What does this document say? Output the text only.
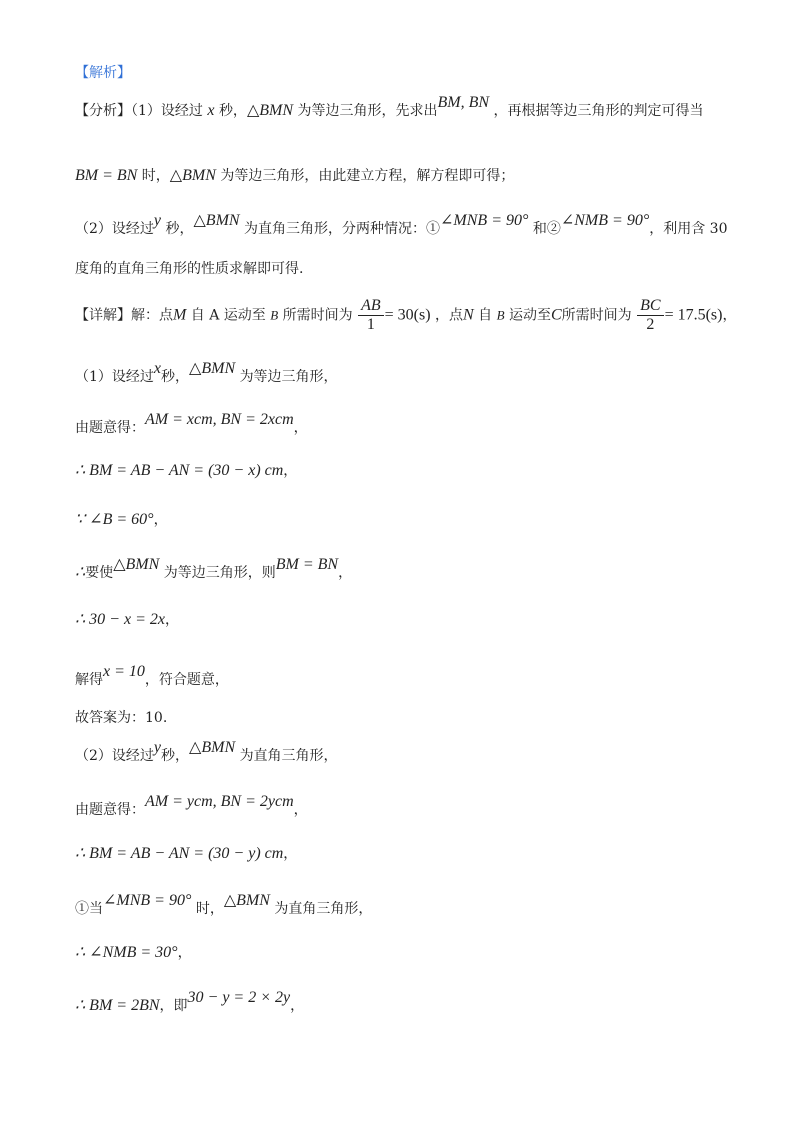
【解析】
【分析】（1）设经过 x 秒，△BMN 为等边三角形，先求出BM, BN ，再根据等边三角形的判定可得当
BM = BN 时，△BMN 为等边三角形，由此建立方程，解方程即可得；
（2）设经过y 秒，△BMN 为直角三角形，分两种情况：①∠MNB = 90° 和②∠NMB = 90°，利用含 30
度角的直角三角形的性质求解即可得.
【详解】解：点M 自 A 运动至 B 所需时间为 $\frac{AB}{1} = 30(s)$ ，点N 自 B 运动至C所需时间为 $\frac{BC}{2} = 17.5(s)$，
（1）设经过x秒，△BMN 为等边三角形，
由题意得：AM = xcm, BN = 2xcm，
∴ BM = AB − AN = (30 − x) cm，
∵ ∠B = 60°，
∴要使△BMN 为等边三角形，则BM = BN，
∴ 30 − x = 2x，
解得x = 10，符合题意，
故答案为：10.
（2）设经过y秒，△BMN 为直角三角形，
由题意得：AM = ycm, BN = 2ycm，
∴ BM = AB − AN = (30 − y) cm，
①当∠MNB = 90° 时，△BMN 为直角三角形，
∴ ∠NMB = 30°，
∴ BM = 2BN，即30 − y = 2 × 2y，
